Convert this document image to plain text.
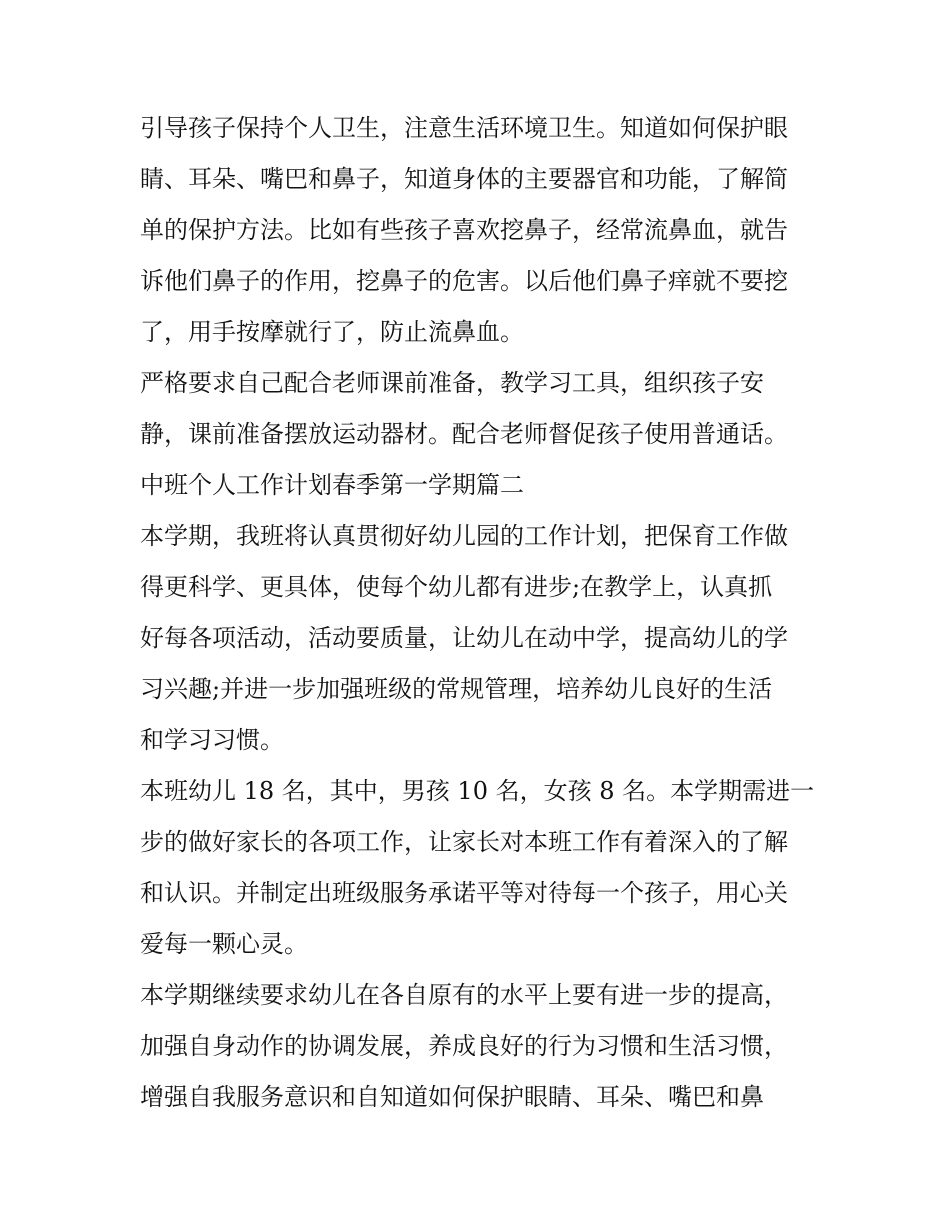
引导孩子保持个人卫生，注意生活环境卫生。知道如何保护眼
睛、耳朵、嘴巴和鼻子，知道身体的主要器官和功能，了解简
单的保护方法。比如有些孩子喜欢挖鼻子，经常流鼻血，就告
诉他们鼻子的作用，挖鼻子的危害。以后他们鼻子痒就不要挖
了，用手按摩就行了，防止流鼻血。
严格要求自己配合老师课前准备，教学习工具，组织孩子安
静，课前准备摆放运动器材。配合老师督促孩子使用普通话。
中班个人工作计划春季第一学期篇二
本学期，我班将认真贯彻好幼儿园的工作计划，把保育工作做
得更科学、更具体，使每个幼儿都有进步;在教学上，认真抓
好每各项活动，活动要质量，让幼儿在动中学，提高幼儿的学
习兴趣;并进一步加强班级的常规管理，培养幼儿良好的生活
和学习习惯。
本班幼儿 18 名，其中，男孩 10 名，女孩 8 名。本学期需进一
步的做好家长的各项工作，让家长对本班工作有着深入的了解
和认识。并制定出班级服务承诺平等对待每一个孩子，用心关
爱每一颗心灵。
本学期继续要求幼儿在各自原有的水平上要有进一步的提高，
加强自身动作的协调发展，养成良好的行为习惯和生活习惯，
增强自我服务意识和自知道如何保护眼睛、耳朵、嘴巴和鼻
